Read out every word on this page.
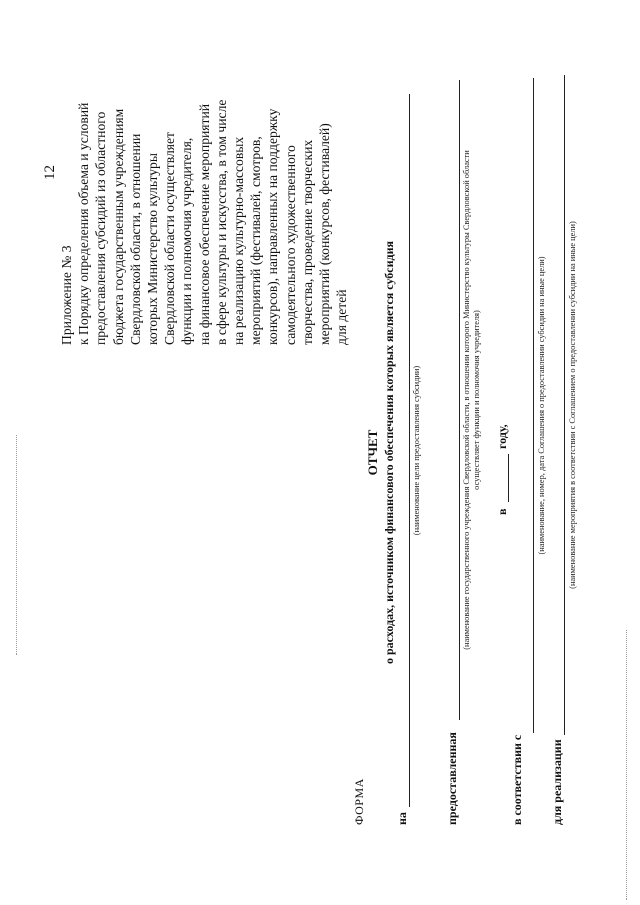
12
Приложение № 3 к Порядку определения объема и условий предоставления субсидий из областного бюджета государственным учреждениям Свердловской области, в отношении которых Министерство культуры Свердловской области осуществляет функции и полномочия учредителя, на финансовое обеспечение мероприятий в сфере культуры и искусства, в том числе на реализацию культурно-массовых мероприятий (фестивалей, смотров, конкурсов), направленных на поддержку самодеятельного художественного творчества, проведение творческих мероприятий (конкурсов, фестивалей) для детей
ФОРМА
ОТЧЕТ о расходах, источником финансового обеспечения которых является субсидия
на
(наименование цели предоставления субсидии)
предоставленная
(наименование государственного учреждения Свердловской области, в отношении которого Министерство культуры Свердловской области осуществляет функции и полномочия учредителя)
в
году,
в соответствии с
(наименование, номер, дата Соглашения о предоставлении субсидии на иные цели)
для реализации
(наименование мероприятия в соответствии с Соглашением о предоставлении субсидии на иные цели)
